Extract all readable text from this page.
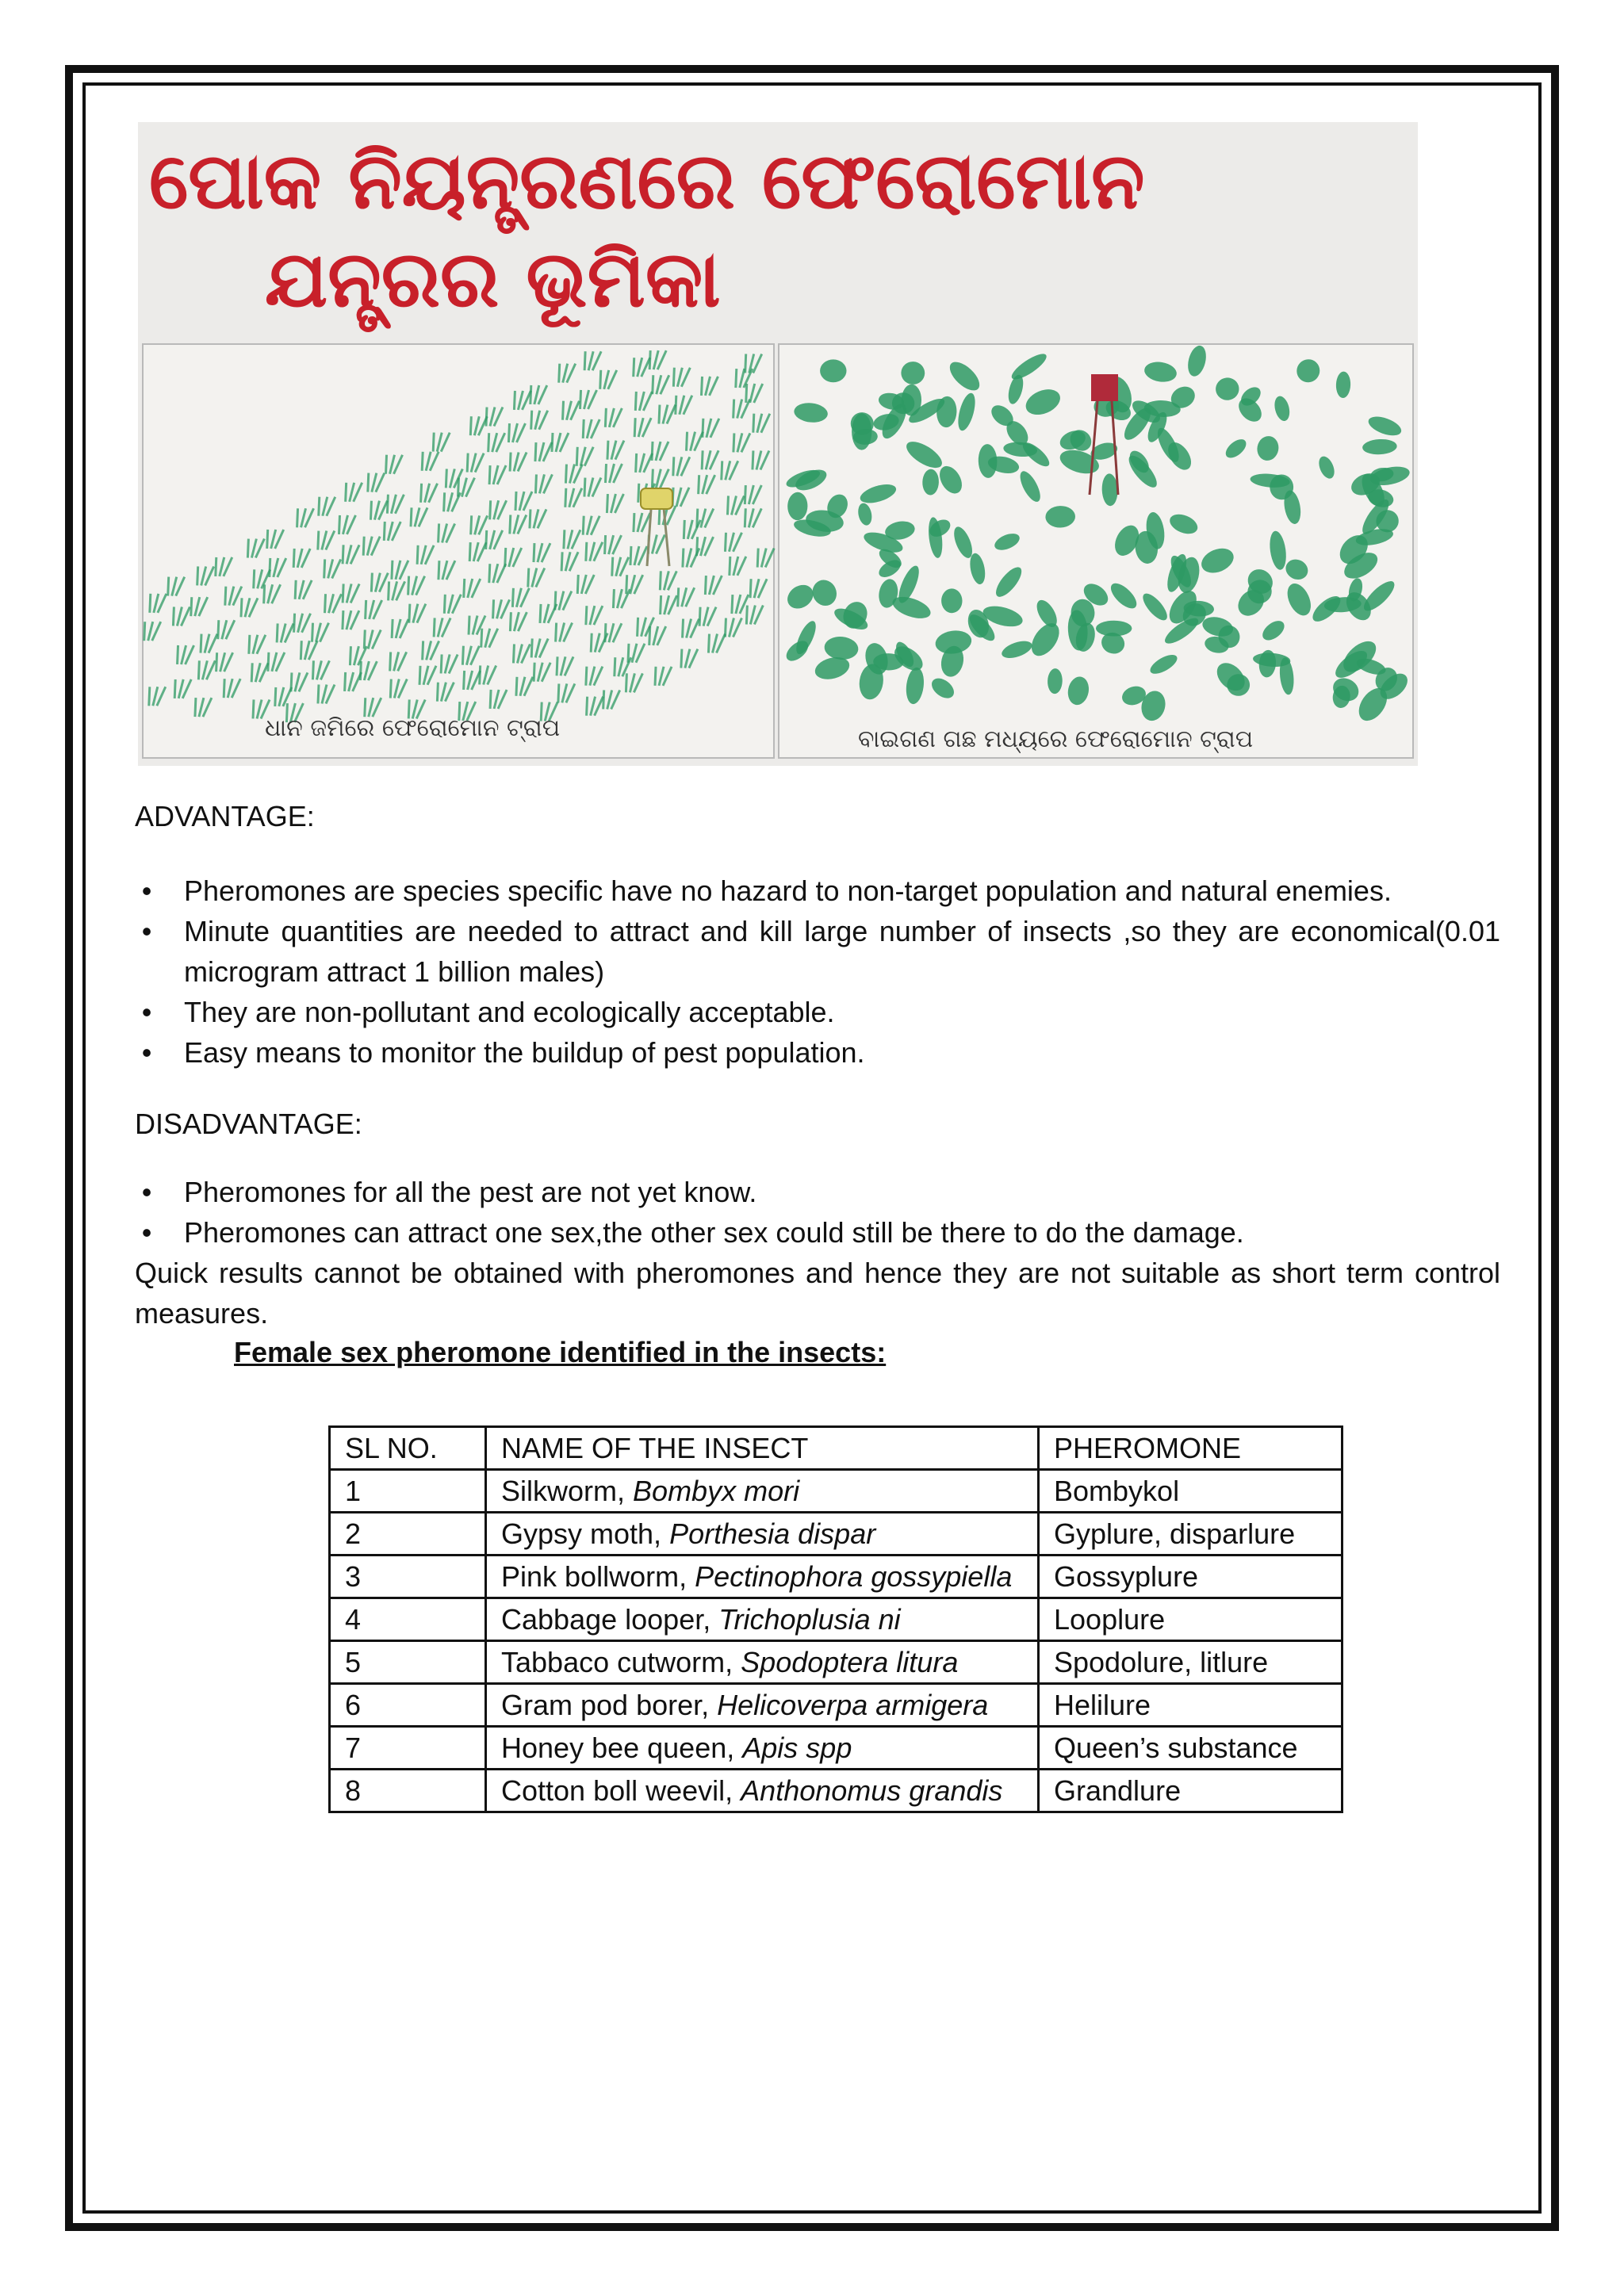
ପୋକ ନିୟନ୍ତ୍ରଣରେ ଫେରୋମୋନ
ଯନ୍ତ୍ରର ଭୂମିକା
ଧାନ ଜମିରେ ଫେରୋମୋନ ଟ୍ରାପ	ବାଇଗଣ ଗଛ ମଧ୍ୟରେ ଫେରୋମୋନ ଟ୍ରାପ

ADVANTAGE:

• Pheromones are species specific have no hazard to non-target population and natural enemies.
• Minute quantities are needed to attract and kill large number of insects ,so they are economical(0.01 microgram attract 1 billion males)
• They are non-pollutant and ecologically acceptable.
• Easy means to monitor the buildup of pest population.

DISADVANTAGE:

• Pheromones for all the pest are not yet know.
• Pheromones can attract one sex,the other sex could still be there to do the damage.

Quick results cannot be obtained with pheromones and hence they are not suitable as short term control measures.

Female sex pheromone identified in the insects:

SL NO.	NAME OF THE INSECT	PHEROMONE
1	Silkworm, Bombyx mori	Bombykol
2	Gypsy moth, Porthesia dispar	Gyplure, disparlure
3	Pink bollworm, Pectinophora gossypiella	Gossyplure
4	Cabbage looper, Trichoplusia ni	Looplure
5	Tabbaco cutworm, Spodoptera litura	Spodolure, litlure
6	Gram pod borer, Helicoverpa armigera	Helilure
7	Honey bee queen, Apis spp	Queen’s substance
8	Cotton boll weevil, Anthonomus grandis	Grandlure
